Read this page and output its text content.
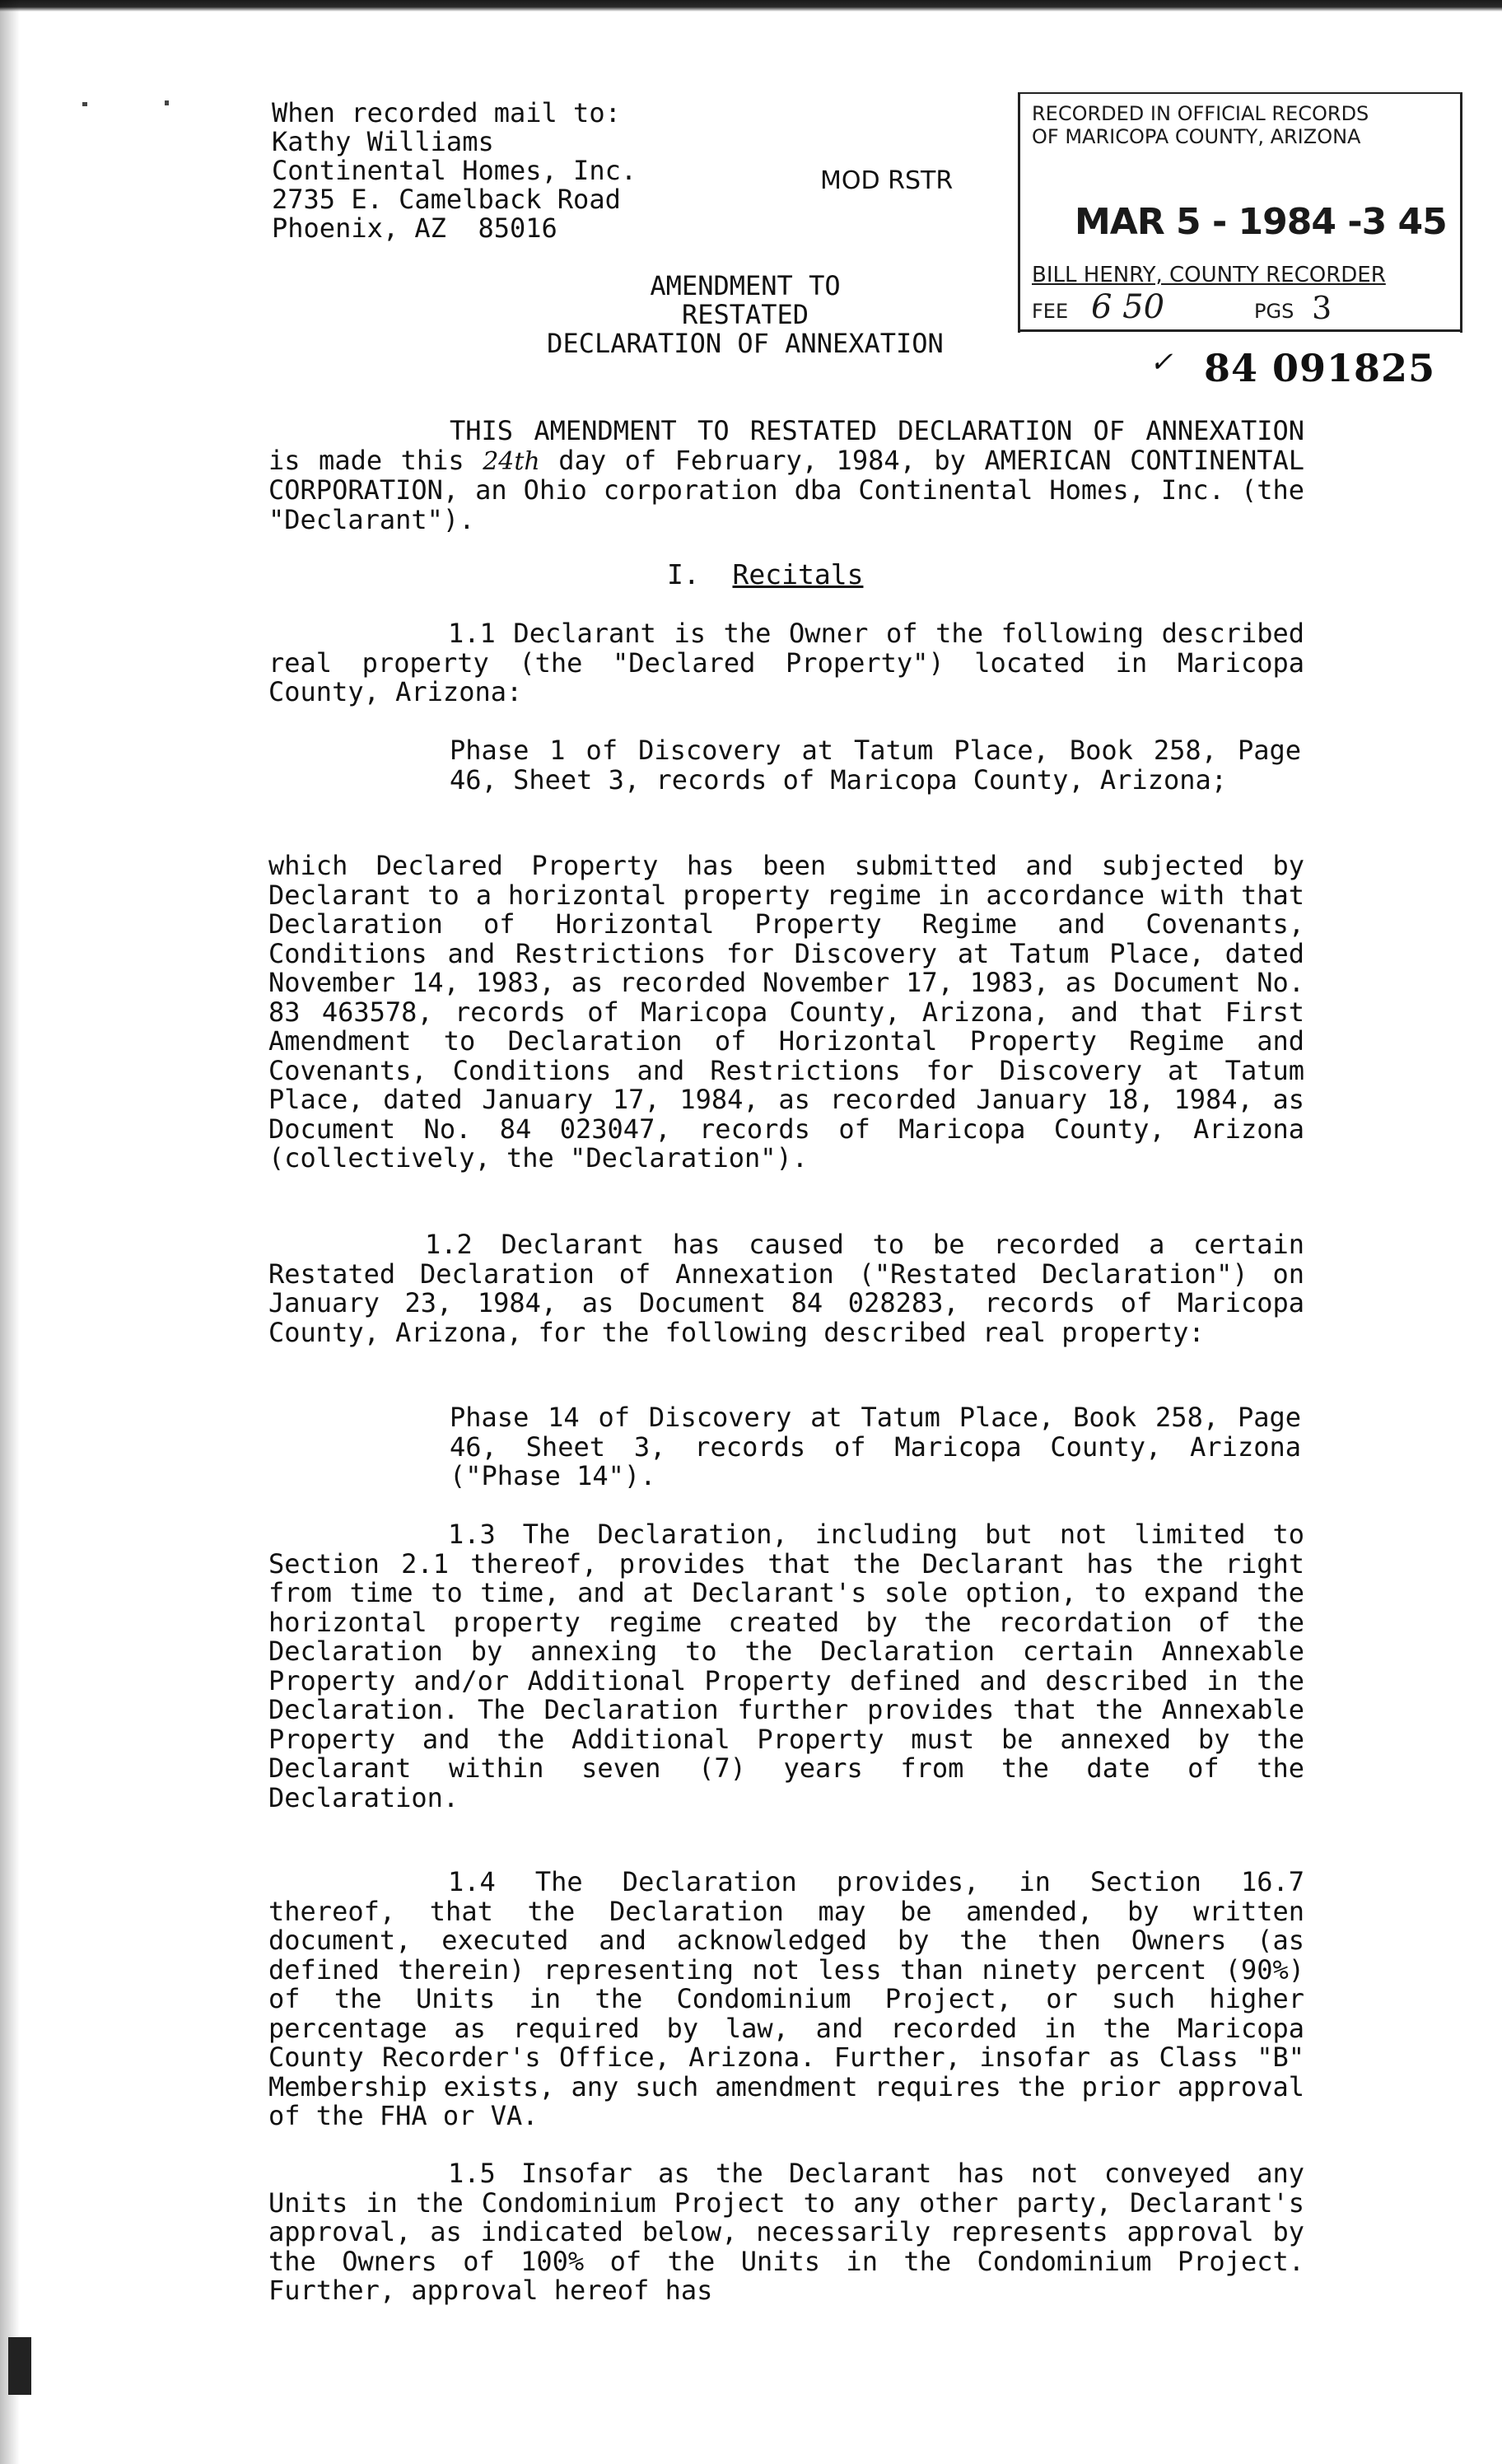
When recorded mail to:
Kathy Williams
Continental Homes, Inc.
2735 E. Camelback Road
Phoenix, AZ  85016
MOD RSTR
RECORDED IN OFFICIAL RECORDS
OF MARICOPA COUNTY, ARIZONA
MAR 5 - 1984 -3 45
BILL HENRY, COUNTY RECORDER
FEE 6 50	PGS 3
✓ 84 091825
AMENDMENT TO
RESTATED
DECLARATION OF ANNEXATION
THIS AMENDMENT TO RESTATED DECLARATION OF ANNEXATION is made this 24th day of February, 1984, by AMERICAN CONTINENTAL CORPORATION, an Ohio corporation dba Continental Homes, Inc. (the "Declarant").
I. Recitals
1.1 Declarant is the Owner of the following described real property (the "Declared Property") located in Maricopa County, Arizona:
Phase 1 of Discovery at Tatum Place, Book 258, Page 46, Sheet 3, records of Maricopa County, Arizona;
which Declared Property has been submitted and subjected by Declarant to a horizontal property regime in accordance with that Declaration of Horizontal Property Regime and Covenants, Conditions and Restrictions for Discovery at Tatum Place, dated November 14, 1983, as recorded November 17, 1983, as Document No. 83 463578, records of Maricopa County, Arizona, and that First Amendment to Declaration of Horizontal Property Regime and Covenants, Conditions and Restrictions for Discovery at Tatum Place, dated January 17, 1984, as recorded January 18, 1984, as Document No. 84 023047, records of Maricopa County, Arizona (collectively, the "Declaration").
1.2 Declarant has caused to be recorded a certain Restated Declaration of Annexation ("Restated Declaration") on January 23, 1984, as Document 84 028283, records of Maricopa County, Arizona, for the following described real property:
Phase 14 of Discovery at Tatum Place, Book 258, Page 46, Sheet 3, records of Maricopa County, Arizona ("Phase 14").
1.3 The Declaration, including but not limited to Section 2.1 thereof, provides that the Declarant has the right from time to time, and at Declarant's sole option, to expand the horizontal property regime created by the recordation of the Declaration by annexing to the Declaration certain Annexable Property and/or Additional Property defined and described in the Declaration. The Declaration further provides that the Annexable Property and the Additional Property must be annexed by the Declarant within seven (7) years from the date of the Declaration.
1.4 The Declaration provides, in Section 16.7 thereof, that the Declaration may be amended, by written document, executed and acknowledged by the then Owners (as defined therein) representing not less than ninety percent (90%) of the Units in the Condominium Project, or such higher percentage as required by law, and recorded in the Maricopa County Recorder's Office, Arizona. Further, insofar as Class "B" Membership exists, any such amendment requires the prior approval of the FHA or VA.
1.5 Insofar as the Declarant has not conveyed any Units in the Condominium Project to any other party, Declarant's approval, as indicated below, necessarily represents approval by the Owners of 100% of the Units in the Condominium Project. Further, approval hereof has
